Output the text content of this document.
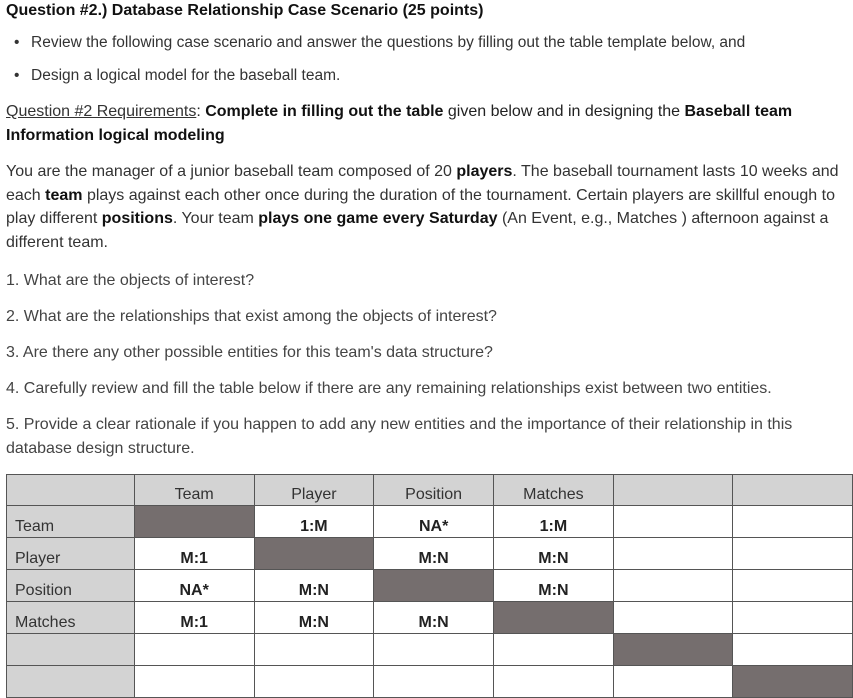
Question #2.) Database Relationship Case Scenario (25 points)
• Review the following case scenario and answer the questions by filling out the table template below, and
• Design a logical model for the baseball team.
Question #2 Requirements: Complete in filling out the table given below and in designing the Baseball team Information logical modeling
You are the manager of a junior baseball team composed of 20 players. The baseball tournament lasts 10 weeks and each team plays against each other once during the duration of the tournament. Certain players are skillful enough to play different positions. Your team plays one game every Saturday (An Event, e.g., Matches ) afternoon against a different team.
1. What are the objects of interest?
2. What are the relationships that exist among the objects of interest?
3. Are there any other possible entities for this team's data structure?
4. Carefully review and fill the table below if there are any remaining relationships exist between two entities.
5. Provide a clear rationale if you happen to add any new entities and the importance of their relationship in this database design structure.
	Team	Player	Position	Matches		
Team		1:M	NA*	1:M		
Player	M:1		M:N	M:N		
Position	NA*	M:N		M:N		
Matches	M:1	M:N	M:N			
